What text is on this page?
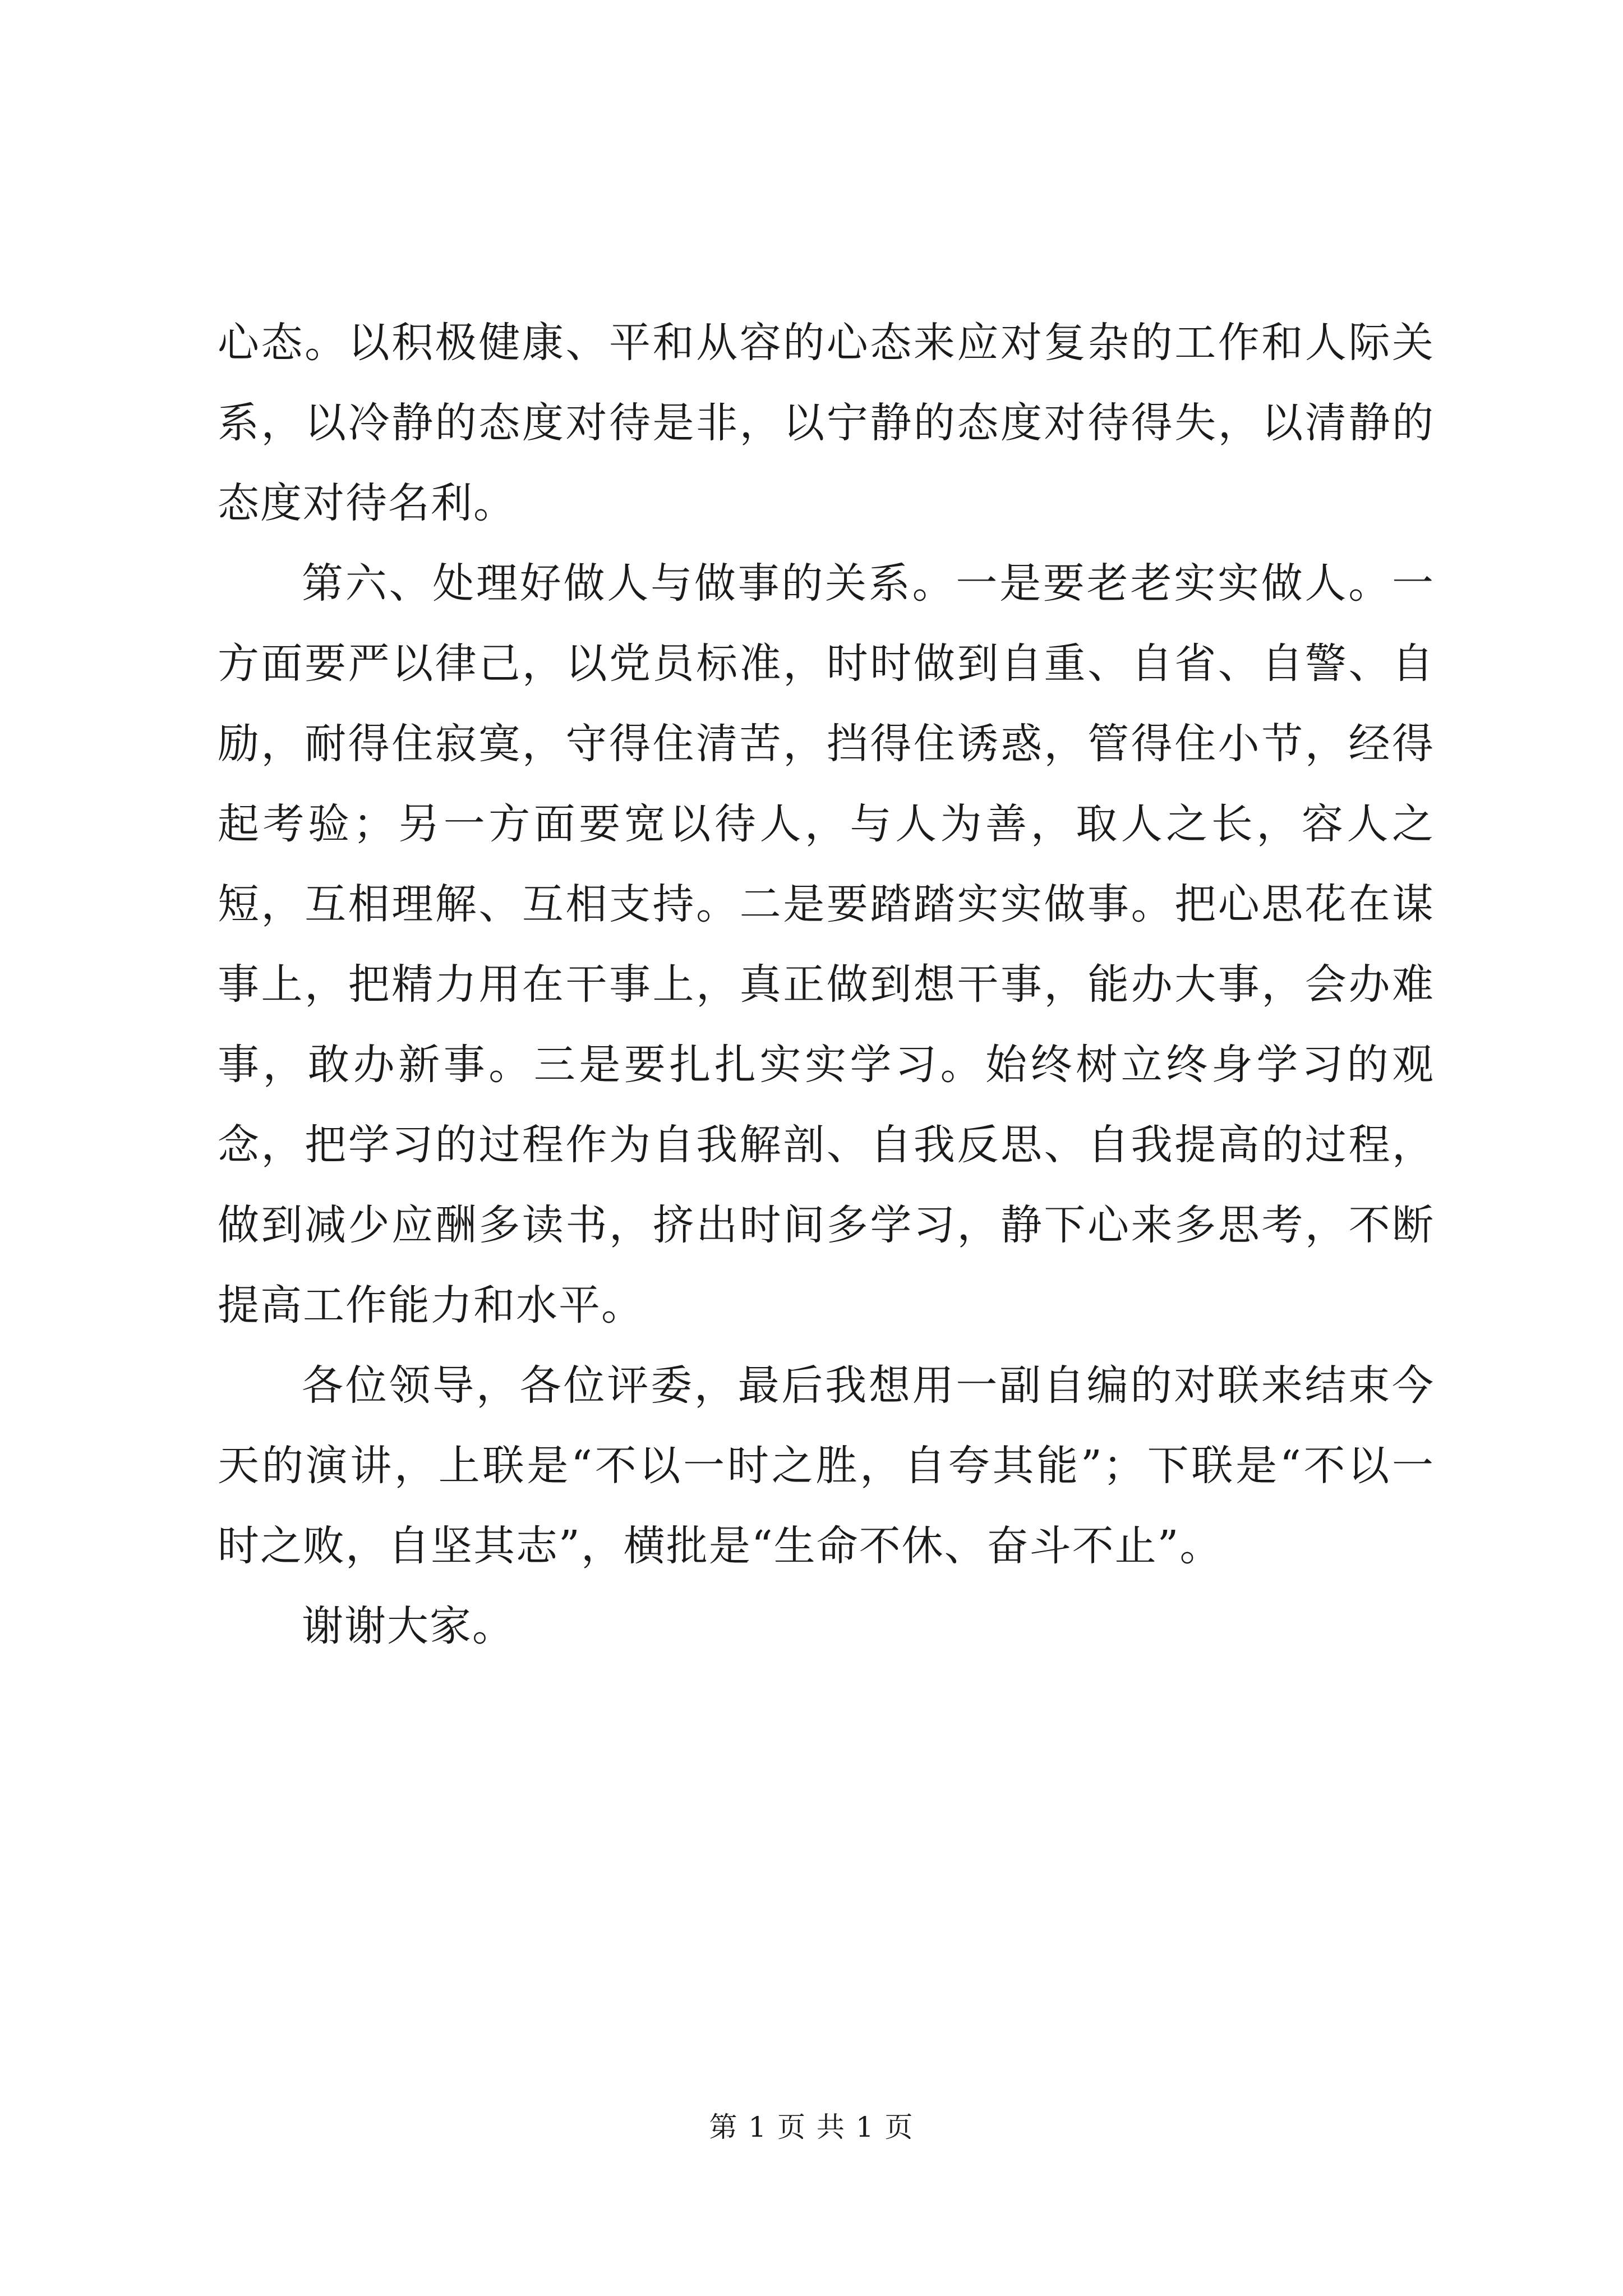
心态。以积极健康、平和从容的心态来应对复杂的工作和人际关系，以冷静的态度对待是非，以宁静的态度对待得失，以清静的态度对待名利。

第六、处理好做人与做事的关系。一是要老老实实做人。一方面要严以律己，以党员标准，时时做到自重、自省、自警、自励，耐得住寂寞，守得住清苦，挡得住诱惑，管得住小节，经得起考验；另一方面要宽以待人，与人为善，取人之长，容人之短，互相理解、互相支持。二是要踏踏实实做事。把心思花在谋事上，把精力用在干事上，真正做到想干事，能办大事，会办难事，敢办新事。三是要扎扎实实学习。始终树立终身学习的观念，把学习的过程作为自我解剖、自我反思、自我提高的过程，做到减少应酬多读书，挤出时间多学习，静下心来多思考，不断提高工作能力和水平。

各位领导，各位评委，最后我想用一副自编的对联来结束今天的演讲，上联是“不以一时之胜，自夸其能”；下联是“不以一时之败，自坚其志”，横批是“生命不休、奋斗不止”。

谢谢大家。

第 1 页 共 1 页
